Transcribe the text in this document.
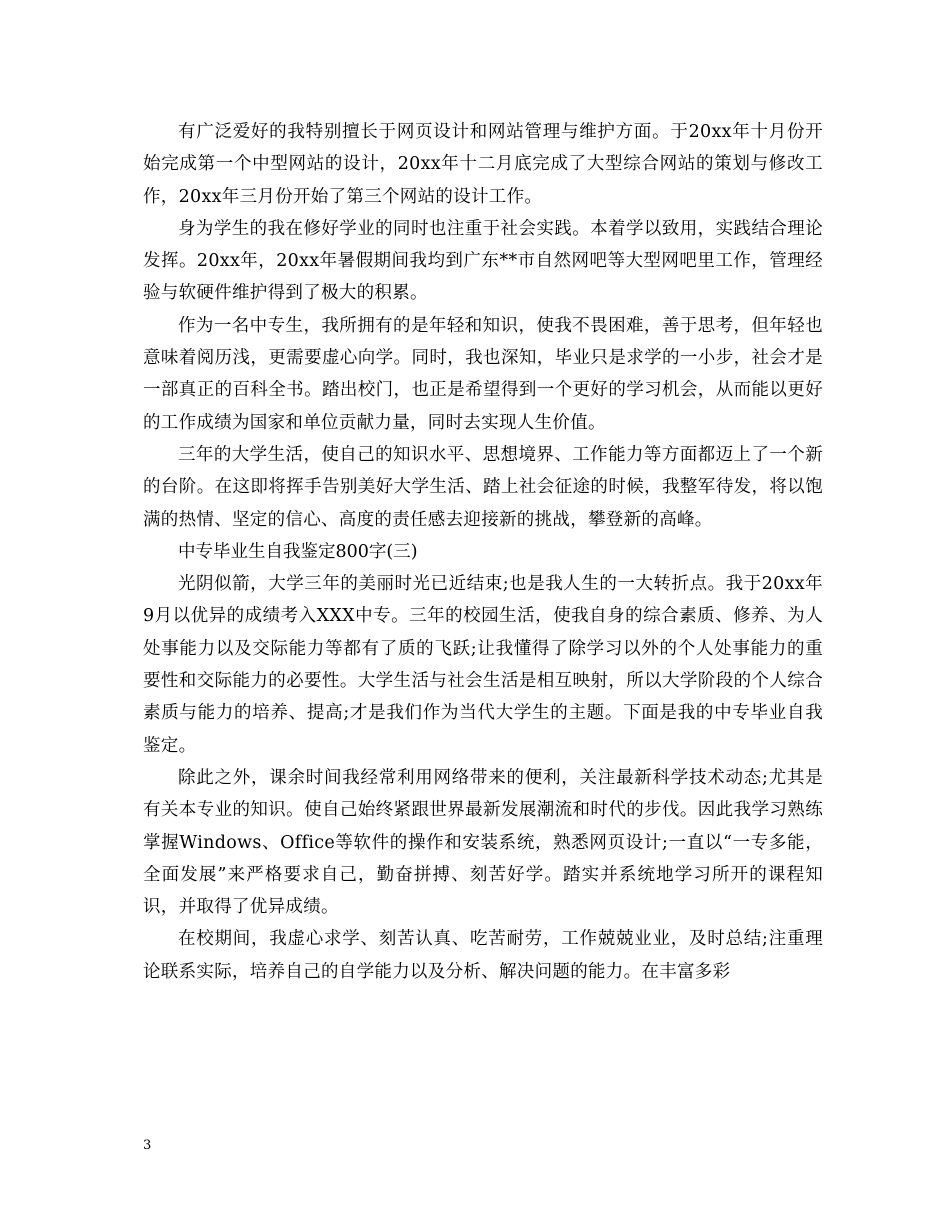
有广泛爱好的我特别擅长于网页设计和网站管理与维护方面。于20xx年十月份开始完成第一个中型网站的设计，20xx年十二月底完成了大型综合网站的策划与修改工作，20xx年三月份开始了第三个网站的设计工作。

身为学生的我在修好学业的同时也注重于社会实践。本着学以致用，实践结合理论发挥。20xx年，20xx年暑假期间我均到广东**市自然网吧等大型网吧里工作，管理经验与软硬件维护得到了极大的积累。

作为一名中专生，我所拥有的是年轻和知识，使我不畏困难，善于思考，但年轻也意味着阅历浅，更需要虚心向学。同时，我也深知，毕业只是求学的一小步，社会才是一部真正的百科全书。踏出校门，也正是希望得到一个更好的学习机会，从而能以更好的工作成绩为国家和单位贡献力量，同时去实现人生价值。

三年的大学生活，使自己的知识水平、思想境界、工作能力等方面都迈上了一个新的台阶。在这即将挥手告别美好大学生活、踏上社会征途的时候，我整军待发，将以饱满的热情、坚定的信心、高度的责任感去迎接新的挑战，攀登新的高峰。

中专毕业生自我鉴定800字(三)

光阴似箭，大学三年的美丽时光已近结束;也是我人生的一大转折点。我于20xx年9月以优异的成绩考入XXX中专。三年的校园生活，使我自身的综合素质、修养、为人处事能力以及交际能力等都有了质的飞跃;让我懂得了除学习以外的个人处事能力的重要性和交际能力的必要性。大学生活与社会生活是相互映射，所以大学阶段的个人综合素质与能力的培养、提高;才是我们作为当代大学生的主题。下面是我的中专毕业自我鉴定。

除此之外，课余时间我经常利用网络带来的便利，关注最新科学技术动态;尤其是有关本专业的知识。使自己始终紧跟世界最新发展潮流和时代的步伐。因此我学习熟练掌握Windows、Office等软件的操作和安装系统，熟悉网页设计;一直以“一专多能，全面发展”来严格要求自己，勤奋拼搏、刻苦好学。踏实并系统地学习所开的课程知识，并取得了优异成绩。

在校期间，我虚心求学、刻苦认真、吃苦耐劳，工作兢兢业业，及时总结;注重理论联系实际，培养自己的自学能力以及分析、解决问题的能力。在丰富多彩

3
